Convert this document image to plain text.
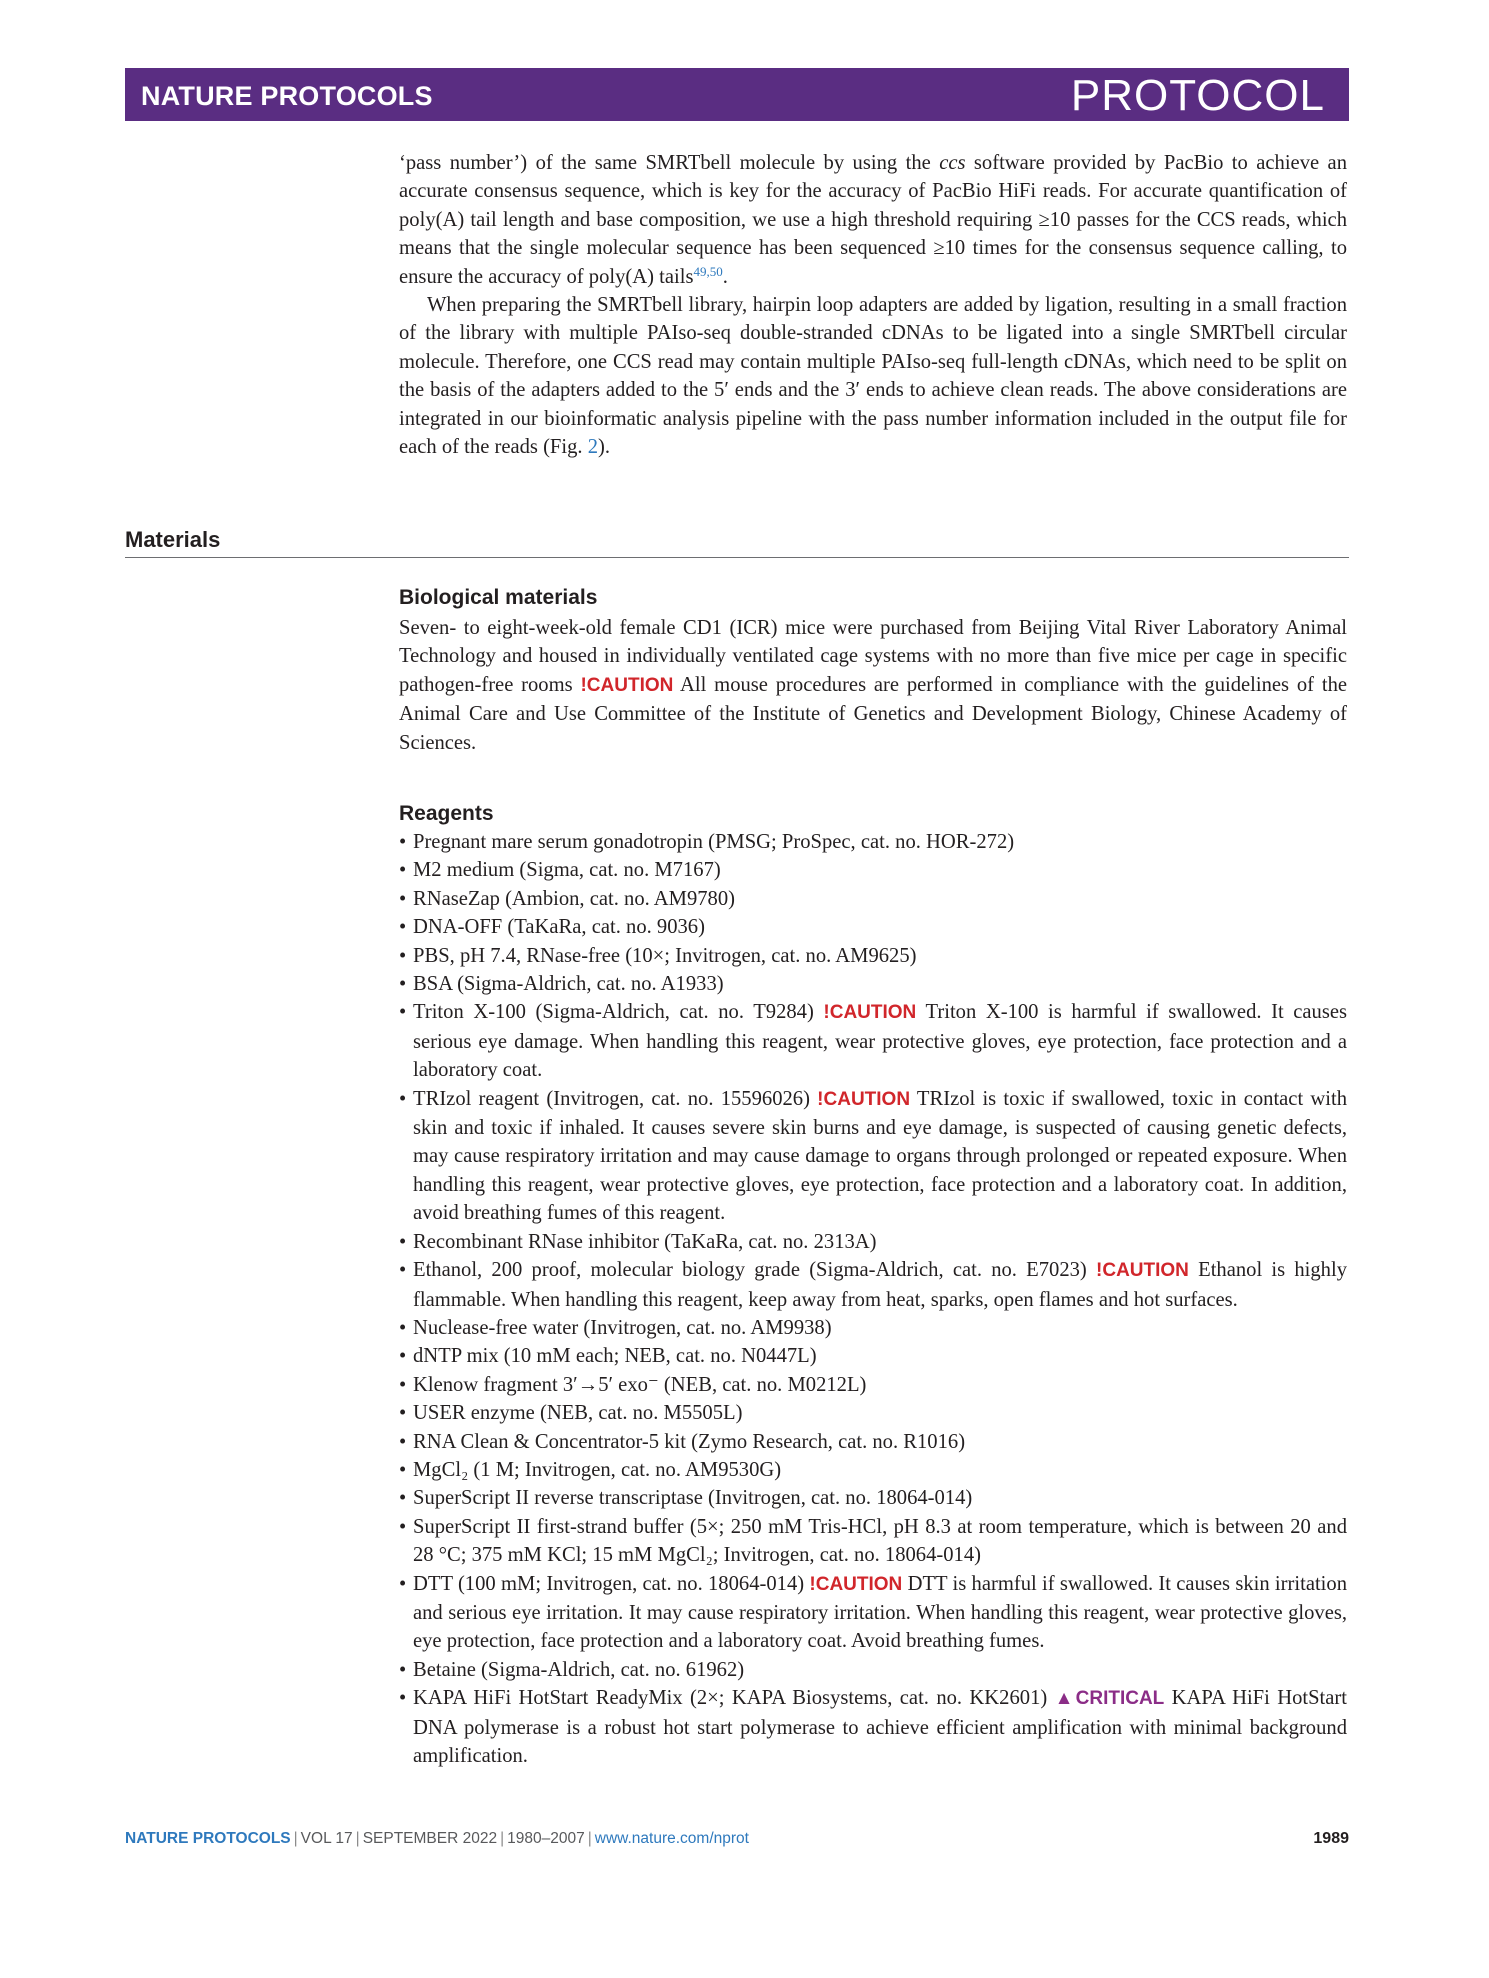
NATURE PROTOCOLS	PROTOCOL

‘pass number’) of the same SMRTbell molecule by using the ccs software provided by PacBio to achieve an accurate consensus sequence, which is key for the accuracy of PacBio HiFi reads. For accurate quantification of poly(A) tail length and base composition, we use a high threshold requiring ≥10 passes for the CCS reads, which means that the single molecular sequence has been sequenced ≥10 times for the consensus sequence calling, to ensure the accuracy of poly(A) tails$^{49,50}$.

When preparing the SMRTbell library, hairpin loop adapters are added by ligation, resulting in a small fraction of the library with multiple PAIso-seq double-stranded cDNAs to be ligated into a single SMRTbell circular molecule. Therefore, one CCS read may contain multiple PAIso-seq full-length cDNAs, which need to be split on the basis of the adapters added to the 5′ ends and the 3′ ends to achieve clean reads. The above considerations are integrated in our bioinformatic analysis pipeline with the pass number information included in the output file for each of the reads (Fig. 2).

Materials
Biological materials

Seven- to eight-week-old female CD1 (ICR) mice were purchased from Beijing Vital River Laboratory Animal Technology and housed in individually ventilated cage systems with no more than five mice per cage in specific pathogen-free rooms !CAUTION All mouse procedures are performed in compliance with the guidelines of the Animal Care and Use Committee of the Institute of Genetics and Development Biology, Chinese Academy of Sciences.

Reagents
• Pregnant mare serum gonadotropin (PMSG; ProSpec, cat. no. HOR-272)
• M2 medium (Sigma, cat. no. M7167)
• RNaseZap (Ambion, cat. no. AM9780)
• DNA-OFF (TaKaRa, cat. no. 9036)
• PBS, pH 7.4, RNase-free (10×; Invitrogen, cat. no. AM9625)
• BSA (Sigma-Aldrich, cat. no. A1933)
• Triton X-100 (Sigma-Aldrich, cat. no. T9284) !CAUTION Triton X-100 is harmful if swallowed. It causes serious eye damage. When handling this reagent, wear protective gloves, eye protection, face protection and a laboratory coat.
• TRIzol reagent (Invitrogen, cat. no. 15596026) !CAUTION TRIzol is toxic if swallowed, toxic in contact with skin and toxic if inhaled. It causes severe skin burns and eye damage, is suspected of causing genetic defects, may cause respiratory irritation and may cause damage to organs through prolonged or repeated exposure. When handling this reagent, wear protective gloves, eye protection, face protection and a laboratory coat. In addition, avoid breathing fumes of this reagent.
• Recombinant RNase inhibitor (TaKaRa, cat. no. 2313A)
• Ethanol, 200 proof, molecular biology grade (Sigma-Aldrich, cat. no. E7023) !CAUTION Ethanol is highly flammable. When handling this reagent, keep away from heat, sparks, open flames and hot surfaces.
• Nuclease-free water (Invitrogen, cat. no. AM9938)
• dNTP mix (10 mM each; NEB, cat. no. N0447L)
• Klenow fragment 3′→5′ exo⁻ (NEB, cat. no. M0212L)
• USER enzyme (NEB, cat. no. M5505L)
• RNA Clean & Concentrator-5 kit (Zymo Research, cat. no. R1016)
• MgCl₂ (1 M; Invitrogen, cat. no. AM9530G)
• SuperScript II reverse transcriptase (Invitrogen, cat. no. 18064-014)
• SuperScript II first-strand buffer (5×; 250 mM Tris-HCl, pH 8.3 at room temperature, which is between 20 and 28 °C; 375 mM KCl; 15 mM MgCl₂; Invitrogen, cat. no. 18064-014)
• DTT (100 mM; Invitrogen, cat. no. 18064-014) !CAUTION DTT is harmful if swallowed. It causes skin irritation and serious eye irritation. It may cause respiratory irritation. When handling this reagent, wear protective gloves, eye protection, face protection and a laboratory coat. Avoid breathing fumes.
• Betaine (Sigma-Aldrich, cat. no. 61962)
• KAPA HiFi HotStart ReadyMix (2×; KAPA Biosystems, cat. no. KK2601) ▲CRITICAL KAPA HiFi HotStart DNA polymerase is a robust hot start polymerase to achieve efficient amplification with minimal background amplification.
NATURE PROTOCOLS | VOL 17 | SEPTEMBER 2022 | 1980–2007 | www.nature.com/nprot	1989
